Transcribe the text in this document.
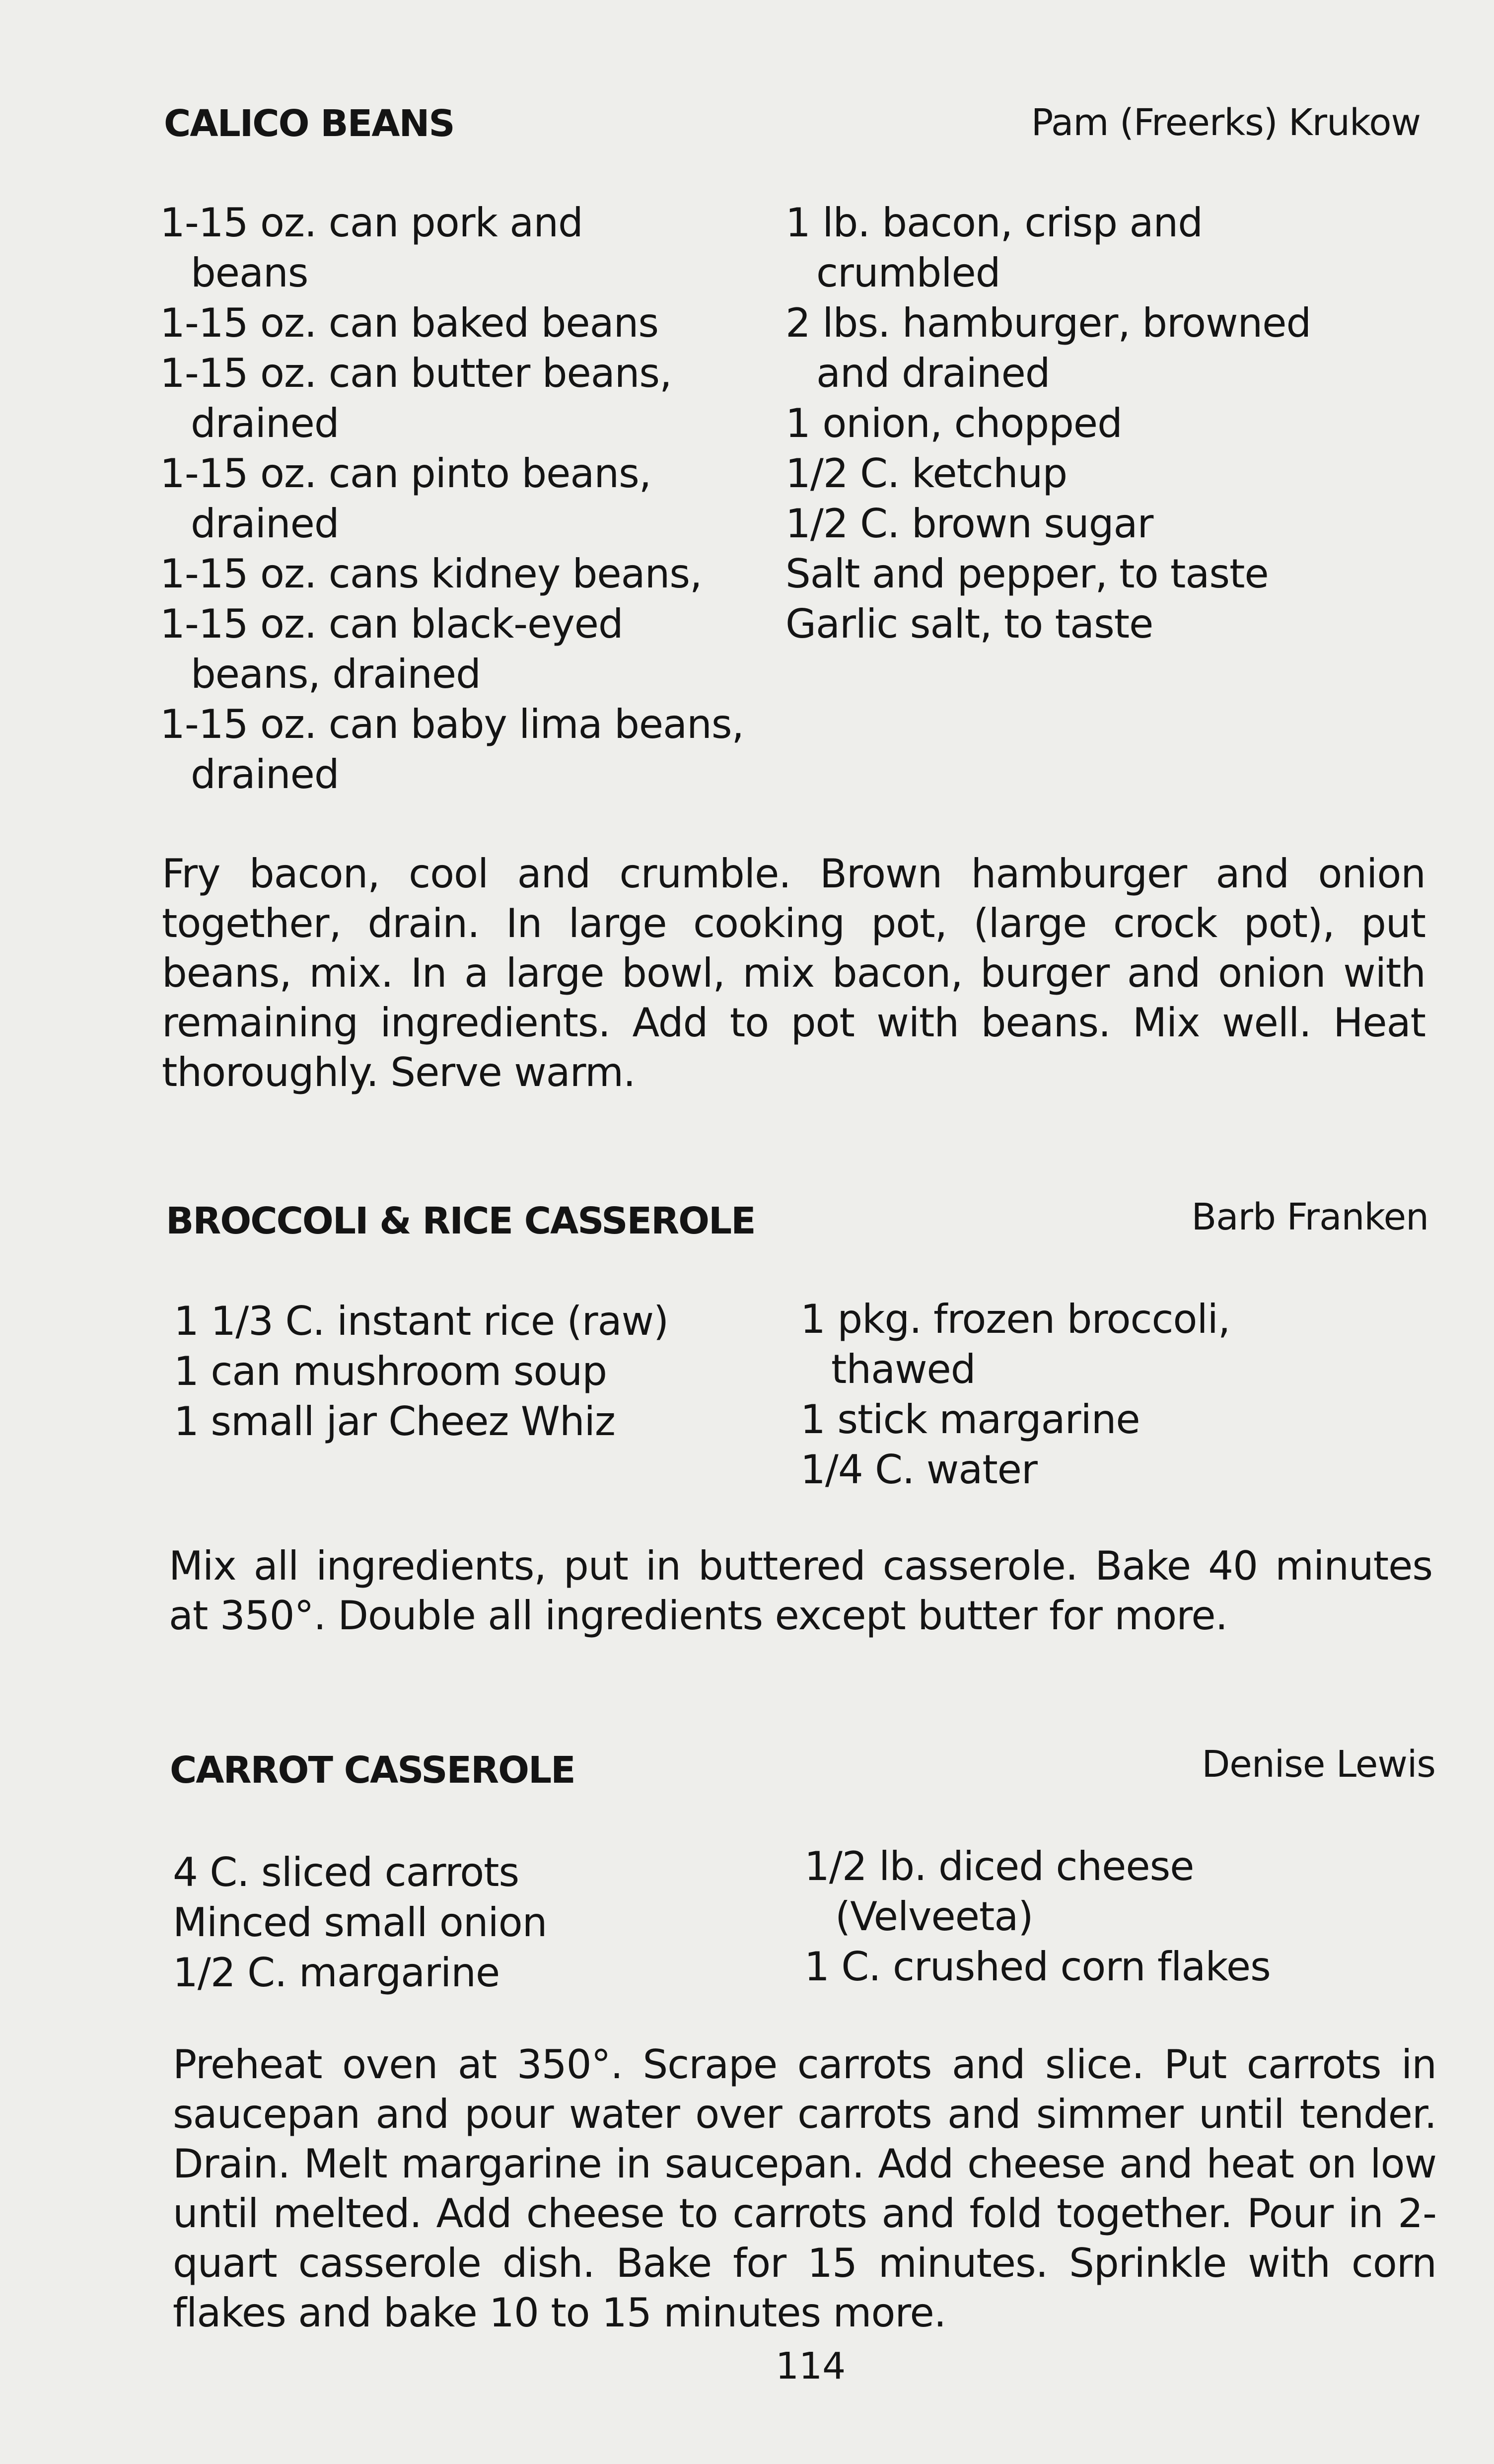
CALICO BEANS	Pam (Freerks) Krukow
1-15 oz. can pork and
beans
1-15 oz. can baked beans
1-15 oz. can butter beans,
drained
1-15 oz. can pinto beans,
drained
1-15 oz. cans kidney beans,
1-15 oz. can black-eyed
beans, drained
1-15 oz. can baby lima beans,
drained
1 lb. bacon, crisp and
crumbled
2 lbs. hamburger, browned
and drained
1 onion, chopped
1/2 C. ketchup
1/2 C. brown sugar
Salt and pepper, to taste
Garlic salt, to taste
Fry bacon, cool and crumble. Brown hamburger and onion together, drain. In large cooking pot, (large crock pot), put beans, mix. In a large bowl, mix bacon, burger and onion with remaining ingredients. Add to pot with beans. Mix well. Heat thoroughly. Serve warm.
BROCCOLI & RICE CASSEROLE	Barb Franken
1 1/3 C. instant rice (raw)
1 can mushroom soup
1 small jar Cheez Whiz
1 pkg. frozen broccoli,
thawed
1 stick margarine
1/4 C. water
Mix all ingredients, put in buttered casserole. Bake 40 minutes at 350°. Double all ingredients except butter for more.
CARROT CASSEROLE	Denise Lewis
4 C. sliced carrots
Minced small onion
1/2 C. margarine
1/2 lb. diced cheese
(Velveeta)
1 C. crushed corn flakes
Preheat oven at 350°. Scrape carrots and slice. Put carrots in saucepan and pour water over carrots and simmer until tender. Drain. Melt margarine in saucepan. Add cheese and heat on low until melted. Add cheese to carrots and fold together. Pour in 2-quart casserole dish. Bake for 15 minutes. Sprinkle with corn flakes and bake 10 to 15 minutes more.
114
